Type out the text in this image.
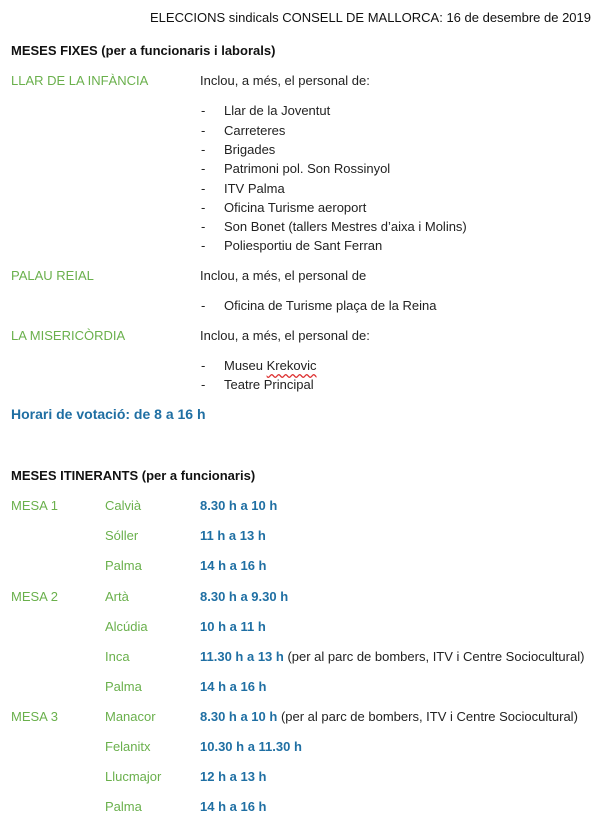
ELECCIONS sindicals CONSELL DE MALLORCA: 16 de desembre de 2019
MESES FIXES (per a funcionaris i laborals)
LLAR DE LA INFÀNCIA	Inclou, a més, el personal de:
- Llar de la Joventut
- Carreteres
- Brigades
- Patrimoni pol. Son Rossinyol
- ITV Palma
- Oficina Turisme aeroport
- Son Bonet (tallers Mestres d’aixa i Molins)
- Poliesportiu de Sant Ferran
PALAU REIAL	Inclou, a més, el personal de
- Oficina de Turisme plaça de la Reina
LA MISERICÒRDIA	Inclou, a més, el personal de:
- Museu Krekovic
- Teatre Principal
Horari de votació: de 8 a 16 h
MESES ITINERANTS (per a funcionaris)
MESA 1	Calvià	8.30 h a 10 h
Sóller	11 h a 13 h
Palma	14 h a 16 h
MESA 2	Artà	8.30 h a 9.30 h
Alcúdia	10 h a 11 h
Inca	11.30 h a 13 h (per al parc de bombers, ITV i Centre Sociocultural)
Palma	14 h a 16 h
MESA 3	Manacor	8.30 h a 10 h (per al parc de bombers, ITV i Centre Sociocultural)
Felanitx	10.30 h a 11.30 h
Llucmajor	12 h a 13 h
Palma	14 h a 16 h
